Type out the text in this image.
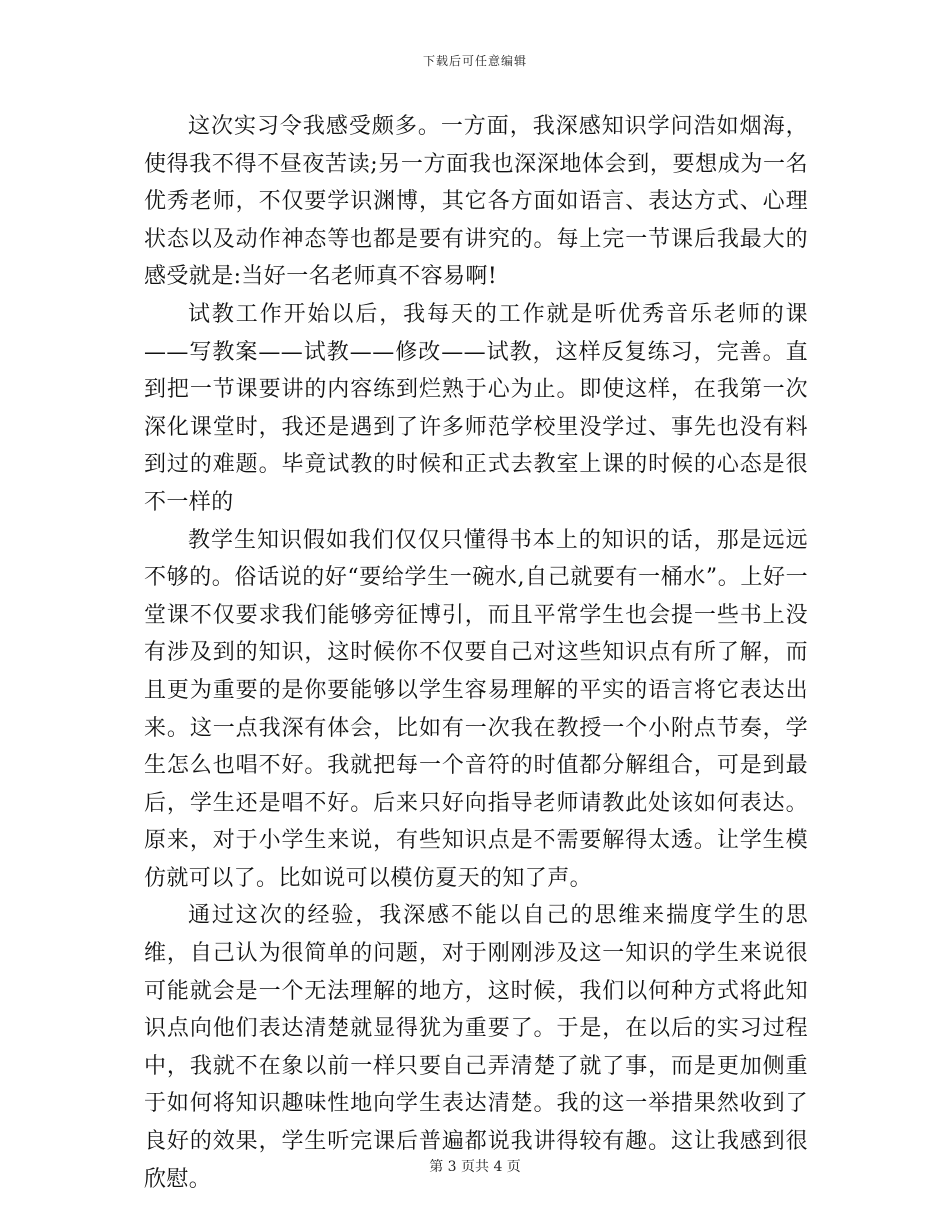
下载后可任意编辑

这次实习令我感受颇多。一方面，我深感知识学问浩如烟海，使得我不得不昼夜苦读;另一方面我也深深地体会到，要想成为一名优秀老师，不仅要学识渊博，其它各方面如语言、表达方式、心理状态以及动作神态等也都是要有讲究的。每上完一节课后我最大的感受就是:当好一名老师真不容易啊!

试教工作开始以后，我每天的工作就是听优秀音乐老师的课——写教案——试教——修改——试教，这样反复练习，完善。直到把一节课要讲的内容练到烂熟于心为止。即使这样，在我第一次深化课堂时，我还是遇到了许多师范学校里没学过、事先也没有料到过的难题。毕竟试教的时候和正式去教室上课的时候的心态是很不一样的

教学生知识假如我们仅仅只懂得书本上的知识的话，那是远远不够的。俗话说的好“要给学生一碗水,自己就要有一桶水”。上好一堂课不仅要求我们能够旁征博引，而且平常学生也会提一些书上没有涉及到的知识，这时候你不仅要自己对这些知识点有所了解，而且更为重要的是你要能够以学生容易理解的平实的语言将它表达出来。这一点我深有体会，比如有一次我在教授一个小附点节奏，学生怎么也唱不好。我就把每一个音符的时值都分解组合，可是到最后，学生还是唱不好。后来只好向指导老师请教此处该如何表达。原来，对于小学生来说，有些知识点是不需要解得太透。让学生模仿就可以了。比如说可以模仿夏天的知了声。

通过这次的经验，我深感不能以自己的思维来揣度学生的思维，自己认为很简单的问题，对于刚刚涉及这一知识的学生来说很可能就会是一个无法理解的地方，这时候，我们以何种方式将此知识点向他们表达清楚就显得犹为重要了。于是，在以后的实习过程中，我就不在象以前一样只要自己弄清楚了就了事，而是更加侧重于如何将知识趣味性地向学生表达清楚。我的这一举措果然收到了良好的效果，学生听完课后普遍都说我讲得较有趣。这让我感到很欣慰。	第 3 页共 4 页
